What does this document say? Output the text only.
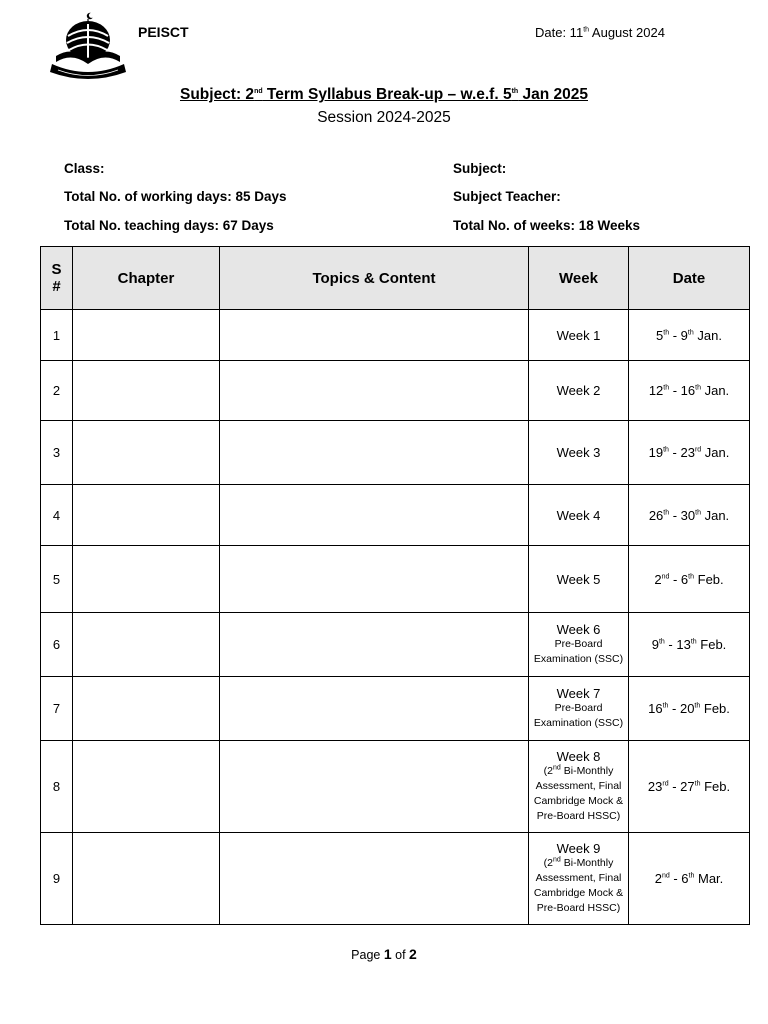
PEISCT	Date: 11th August 2024
Subject: 2nd Term Syllabus Break-up – w.e.f. 5th Jan 2025
Session 2024-2025
Class:
Total No. of working days: 85 Days
Total No. teaching days: 67 Days
Subject:
Subject Teacher:
Total No. of weeks: 18 Weeks
S
#	Chapter	Topics & Content	Week	Date
1			Week 1	5th - 9th Jan.
2			Week 2	12th - 16th Jan.
3			Week 3	19th - 23rd Jan.
4			Week 4	26th - 30th Jan.
5			Week 5	2nd - 6th Feb.
6			Week 6
Pre-Board Examination (SSC)	9th - 13th Feb.
7			Week 7
Pre-Board Examination (SSC)	16th - 20th Feb.
8			Week 8
(2nd Bi-Monthly Assessment, Final Cambridge Mock & Pre-Board HSSC)	23rd - 27th Feb.
9			Week 9
(2nd Bi-Monthly Assessment, Final Cambridge Mock & Pre-Board HSSC)	2nd - 6th Mar.
Page 1 of 2
